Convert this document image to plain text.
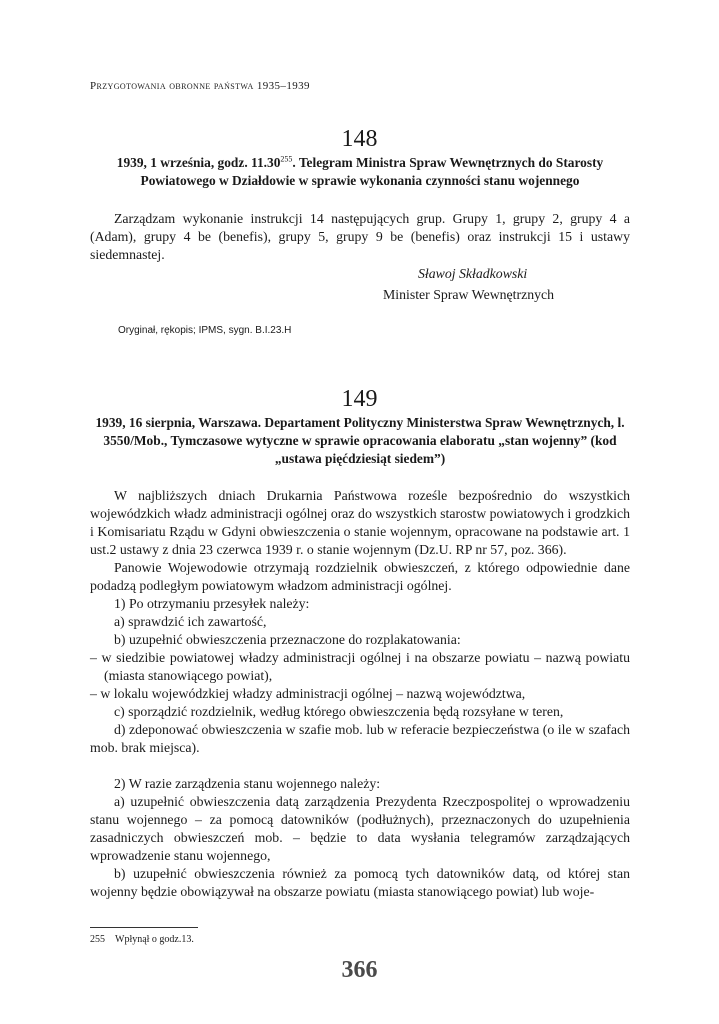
Przygotowania obronne państwa 1935–1939
148
1939, 1 września, godz. 11.30$^{255}$. Telegram Ministra Spraw Wewnętrznych do Starosty Powiatowego w Działdowie w sprawie wykonania czynności stanu wojennego

Zarządzam wykonanie instrukcji 14 następujących grup. Grupy 1, grupy 2, grupy 4 a (Adam), grupy 4 be (benefis), grupy 5, grupy 9 be (benefis) oraz instrukcji 15 i ustawy siedemnastej.

Sławoj Składkowski
Minister Spraw Wewnętrznych
Oryginał, rękopis; IPMS, sygn. B.I.23.H
149
1939, 16 sierpnia, Warszawa. Departament Polityczny Ministerstwa Spraw Wewnętrznych, l. 3550/Mob., Tymczasowe wytyczne w sprawie opracowania elaboratu „stan wojenny” (kod „ustawa pięćdziesiąt siedem”)

W najbliższych dniach Drukarnia Państwowa roześle bezpośrednio do wszystkich wojewódzkich władz administracji ogólnej oraz do wszystkich starostw powiatowych i grodzkich i Komisariatu Rządu w Gdyni obwieszczenia o stanie wojennym, opracowane na podstawie art. 1 ust.2 ustawy z dnia 23 czerwca 1939 r. o stanie wojennym (Dz.U. RP nr 57, poz. 366).

Panowie Wojewodowie otrzymają rozdzielnik obwieszczeń, z którego odpowiednie dane podadzą podległym powiatowym władzom administracji ogólnej.

1) Po otrzymaniu przesyłek należy:

a) sprawdzić ich zawartość,

b) uzupełnić obwieszczenia przeznaczone do rozplakatowania:

– w siedzibie powiatowej władzy administracji ogólnej i na obszarze powiatu – nazwą powiatu (miasta stanowiącego powiat),

– w lokalu wojewódzkiej władzy administracji ogólnej – nazwą województwa,

c) sporządzić rozdzielnik, według którego obwieszczenia będą rozsyłane w teren,

d) zdeponować obwieszczenia w szafie mob. lub w referacie bezpieczeństwa (o ile w szafach mob. brak miejsca).

2) W razie zarządzenia stanu wojennego należy:

a) uzupełnić obwieszczenia datą zarządzenia Prezydenta Rzeczpospolitej o wprowadzeniu stanu wojennego – za pomocą datowników (podłużnych), przeznaczonych do uzupełnienia zasadniczych obwieszczeń mob. – będzie to data wysłania telegramów zarządzających wprowadzenie stanu wojennego,

b) uzupełnić obwieszczenia również za pomocą tych datowników datą, od której stan wojenny będzie obowiązywał na obszarze powiatu (miasta stanowiącego powiat) lub woje-

255 Wpłynął o godz.13.
366
